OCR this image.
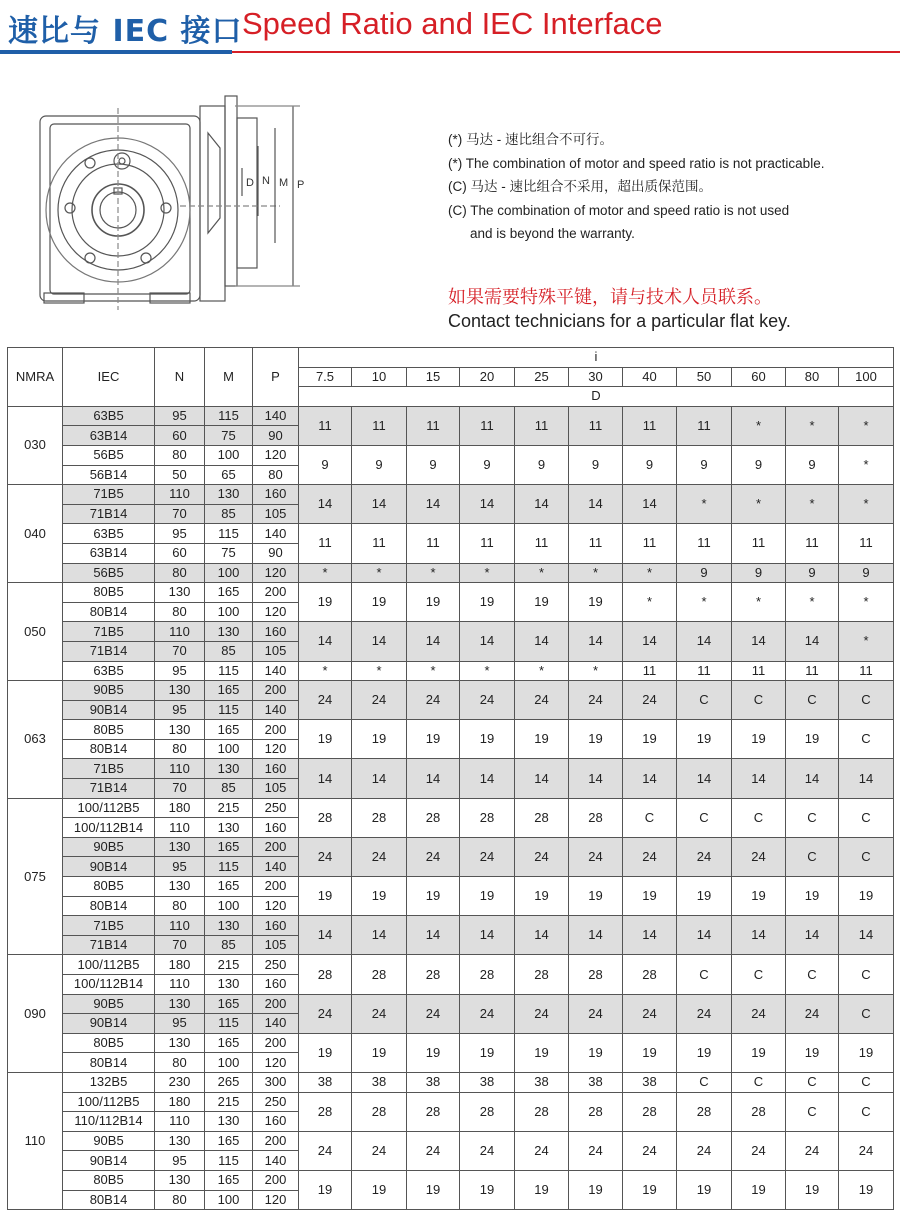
速比与 IEC 接口 Speed Ratio and IEC Interface
D N M P
(*) 马达 - 速比组合不可行。
(*) The combination of motor and speed ratio is not practicable.
(C) 马达 - 速比组合不采用，超出质保范围。
(C) The combination of motor and speed ratio is not used
and is beyond the warranty.
如果需要特殊平键，请与技术人员联系。
Contact technicians for a particular flat key.
NMRA	IEC	N	M	P	i										
					7.5	10	15	20	25	30	40	50	60	80	100
					D										
030	63B5	95	115	140	11	11	11	11	11	11	11	11	*	*	*
	63B14	60	75	90											
	56B5	80	100	120	9	9	9	9	9	9	9	9	9	9	*
	56B14	50	65	80											
040	71B5	110	130	160	14	14	14	14	14	14	14	*	*	*	*
	71B14	70	85	105											
	63B5	95	115	140	11	11	11	11	11	11	11	11	11	11	11
	63B14	60	75	90											
	56B5	80	100	120	*	*	*	*	*	*	*	9	9	9	9
050	80B5	130	165	200	19	19	19	19	19	19	*	*	*	*	*
	80B14	80	100	120											
	71B5	110	130	160	14	14	14	14	14	14	14	14	14	14	*
	71B14	70	85	105											
	63B5	95	115	140	*	*	*	*	*	*	11	11	11	11	11
063	90B5	130	165	200	24	24	24	24	24	24	24	C	C	C	C
	90B14	95	115	140											
	80B5	130	165	200	19	19	19	19	19	19	19	19	19	19	C
	80B14	80	100	120											
	71B5	110	130	160	14	14	14	14	14	14	14	14	14	14	14
	71B14	70	85	105											
075	100/112B5	180	215	250	28	28	28	28	28	28	C	C	C	C	C
	100/112B14	110	130	160											
	90B5	130	165	200	24	24	24	24	24	24	24	24	24	C	C
	90B14	95	115	140											
	80B5	130	165	200	19	19	19	19	19	19	19	19	19	19	19
	80B14	80	100	120											
	71B5	110	130	160	14	14	14	14	14	14	14	14	14	14	14
	71B14	70	85	105											
090	100/112B5	180	215	250	28	28	28	28	28	28	28	C	C	C	C
	100/112B14	110	130	160											
	90B5	130	165	200	24	24	24	24	24	24	24	24	24	24	C
	90B14	95	115	140											
	80B5	130	165	200	19	19	19	19	19	19	19	19	19	19	19
	80B14	80	100	120											
110	132B5	230	265	300	38	38	38	38	38	38	38	C	C	C	C
	100/112B5	180	215	250	28	28	28	28	28	28	28	28	28	C	C
	110/112B14	110	130	160											
	90B5	130	165	200	24	24	24	24	24	24	24	24	24	24	24
	90B14	95	115	140											
	80B5	130	165	200	19	19	19	19	19	19	19	19	19	19	19
	80B14	80	100	120											
